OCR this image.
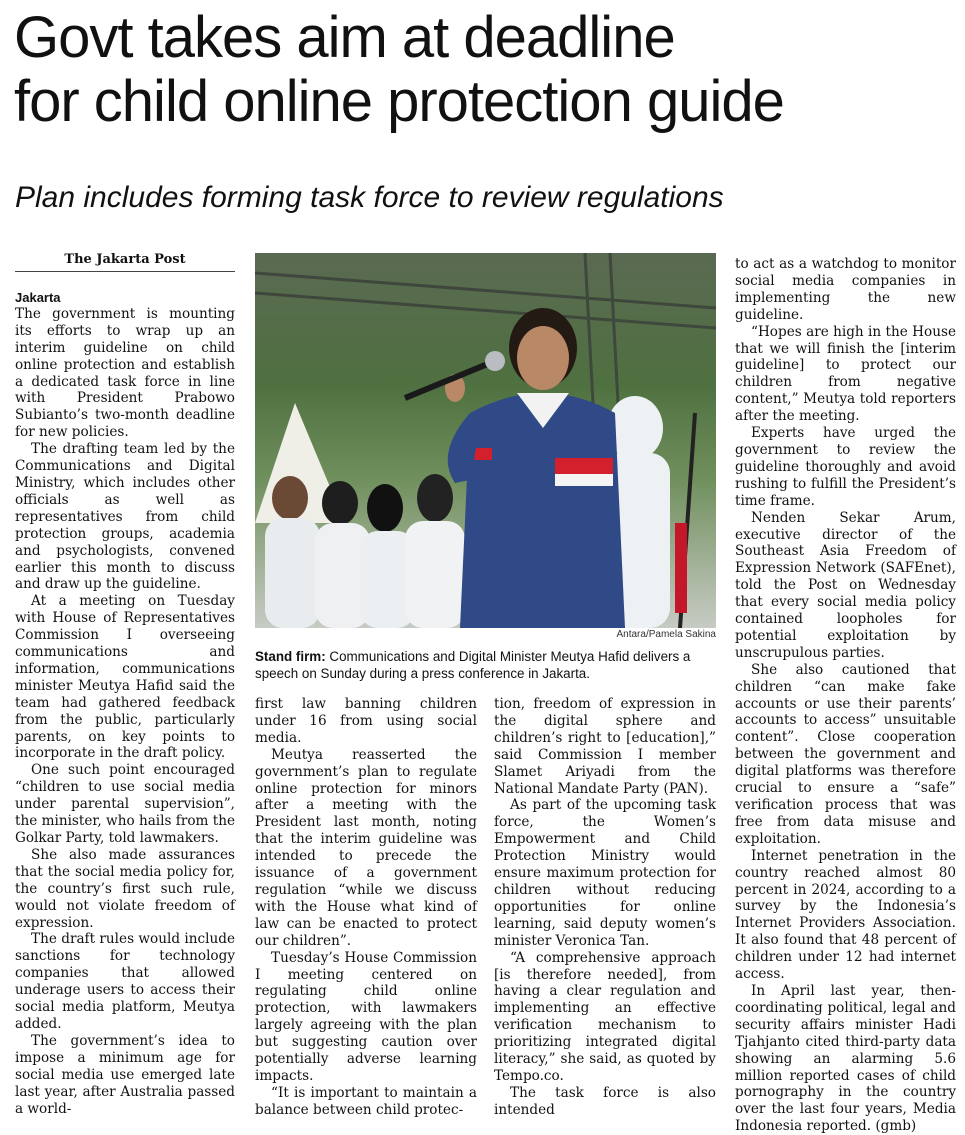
Govt takes aim at deadline
for child online protection guide
Plan includes forming task force to review regulations
The Jakarta Post
Jakarta

The government is mounting its efforts to wrap up an interim guideline on child online protection and establish a dedicated task force in line with President Prabowo Subianto’s two-month deadline for new policies.

The drafting team led by the Communications and Digital Ministry, which includes other officials as well as representatives from child protection groups, academia and psychologists, convened earlier this month to discuss and draw up the guideline.

At a meeting on Tuesday with House of Representatives Commission I overseeing communications and information, communications minister Meutya Hafid said the team had gathered feedback from the public, particularly parents, on key points to incorporate in the draft policy.

One such point encouraged “children to use social media under parental supervision”, the minister, who hails from the Golkar Party, told lawmakers.

She also made assurances that the social media policy for, the country’s first such rule, would not violate freedom of expression.

The draft rules would include sanctions for technology companies that allowed underage users to access their social media platform, Meutya added.

The government’s idea to impose a minimum age for social media use emerged late last year, after Australia passed a world-

Antara/Pamela Sakina

Stand firm: Communications and Digital Minister Meutya Hafid delivers a speech on Sunday during a press conference in Jakarta.

first law banning children under 16 from using social media.

Meutya reasserted the government’s plan to regulate online protection for minors after a meeting with the President last month, noting that the interim guideline was intended to precede the issuance of a government regulation “while we discuss with the House what kind of law can be enacted to protect our children”.

Tuesday’s House Commission I meeting centered on regulating child online protection, with lawmakers largely agreeing with the plan but suggesting caution over potentially adverse learning impacts.

“It is important to maintain a balance between child protec-

tion, freedom of expression in the digital sphere and children’s right to [education],” said Commission I member Slamet Ariyadi from the National Mandate Party (PAN).

As part of the upcoming task force, the Women’s Empowerment and Child Protection Ministry would ensure maximum protection for children without reducing opportunities for online learning, said deputy women’s minister Veronica Tan.

“A comprehensive approach [is therefore needed], from having a clear regulation and implementing an effective verification mechanism to prioritizing integrated digital literacy,” she said, as quoted by Tempo.co.

The task force is also intended

to act as a watchdog to monitor social media companies in implementing the new guideline.

“Hopes are high in the House that we will finish the [interim guideline] to protect our children from negative content,” Meutya told reporters after the meeting.

Experts have urged the government to review the guideline thoroughly and avoid rushing to fulfill the President’s time frame.

Nenden Sekar Arum, executive director of the Southeast Asia Freedom of Expression Network (SAFEnet), told the Post on Wednesday that every social media policy contained loopholes for potential exploitation by unscrupulous parties.

She also cautioned that children “can make fake accounts or use their parents’ accounts to access” unsuitable content”. Close cooperation between the government and digital platforms was therefore crucial to ensure a “safe” verification process that was free from data misuse and exploitation.

Internet penetration in the country reached almost 80 percent in 2024, according to a survey by the Indonesia’s Internet Providers Association. It also found that 48 percent of children under 12 had internet access.

In April last year, then-coordinating political, legal and security affairs minister Hadi Tjahjanto cited third-party data showing an alarming 5.6 million reported cases of child pornography in the country over the last four years, Media Indonesia reported. (gmb)
